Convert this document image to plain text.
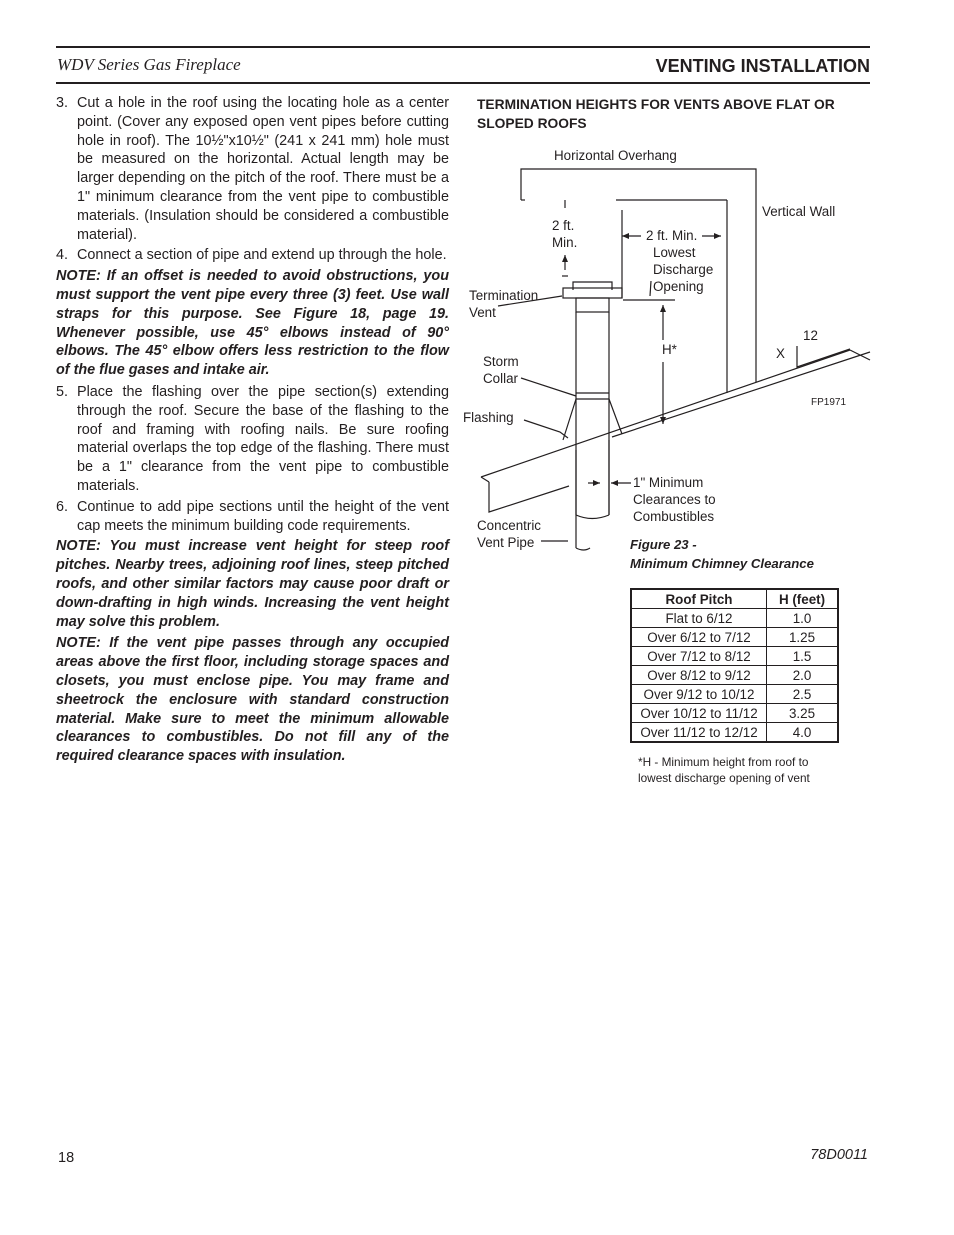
WDV Series Gas Fireplace	VENTING INSTALLATION
3. Cut a hole in the roof using the locating hole as a center point. (Cover any exposed open vent pipes before cutting hole in roof). The 10½"x10½" (241 x 241 mm) hole must be measured on the horizontal. Actual length may be larger depending on the pitch of the roof. There must be a 1" minimum clearance from the vent pipe to combustible materials. (Insulation should be considered a combustible material).
4. Connect a section of pipe and extend up through the hole.
NOTE: If an offset is needed to avoid obstructions, you must support the vent pipe every three (3) feet. Use wall straps for this purpose. See Figure 18, page 19. Whenever possible, use 45° elbows instead of 90° elbows. The 45° elbow offers less restriction to the flow of the flue gases and intake air.
5. Place the flashing over the pipe section(s) extending through the roof. Secure the base of the flashing to the roof and framing with roofing nails. Be sure roofing material overlaps the top edge of the flashing. There must be a 1" clearance from the vent pipe to combustible materials.
6. Continue to add pipe sections until the height of the vent cap meets the minimum building code requirements.
NOTE: You must increase vent height for steep roof pitches. Nearby trees, adjoining roof lines, steep pitched roofs, and other similar factors may cause poor draft or down-drafting in high winds. Increasing the vent height may solve this problem.
NOTE: If the vent pipe passes through any occupied areas above the first floor, including storage spaces and closets, you must enclose pipe. You may frame and sheetrock the enclosure with standard construction material. Make sure to meet the minimum allowable clearances to combustibles. Do not fill any of the required clearance spaces with insulation.
TERMINATION HEIGHTS FOR VENTS ABOVE FLAT OR SLOPED ROOFS
Horizontal Overhang
Vertical Wall
2 ft.
Min.	2 ft. Min.
Lowest
Discharge
Opening
Termination
Vent
H*
12
X
Storm
Collar
FP1971
Flashing
1" Minimum
Clearances to
Combustibles
Concentric
Vent Pipe	Figure 23 -
Minimum Chimney Clearance
Roof Pitch	H (feet)
Flat to 6/12	1.0
Over 6/12 to 7/12	1.25
Over 7/12 to 8/12	1.5
Over 8/12 to 9/12	2.0
Over 9/12 to 10/12	2.5
Over 10/12 to 11/12	3.25
Over 11/12 to 12/12	4.0
*H - Minimum height from roof to
lowest discharge opening of vent
18	78D0011
